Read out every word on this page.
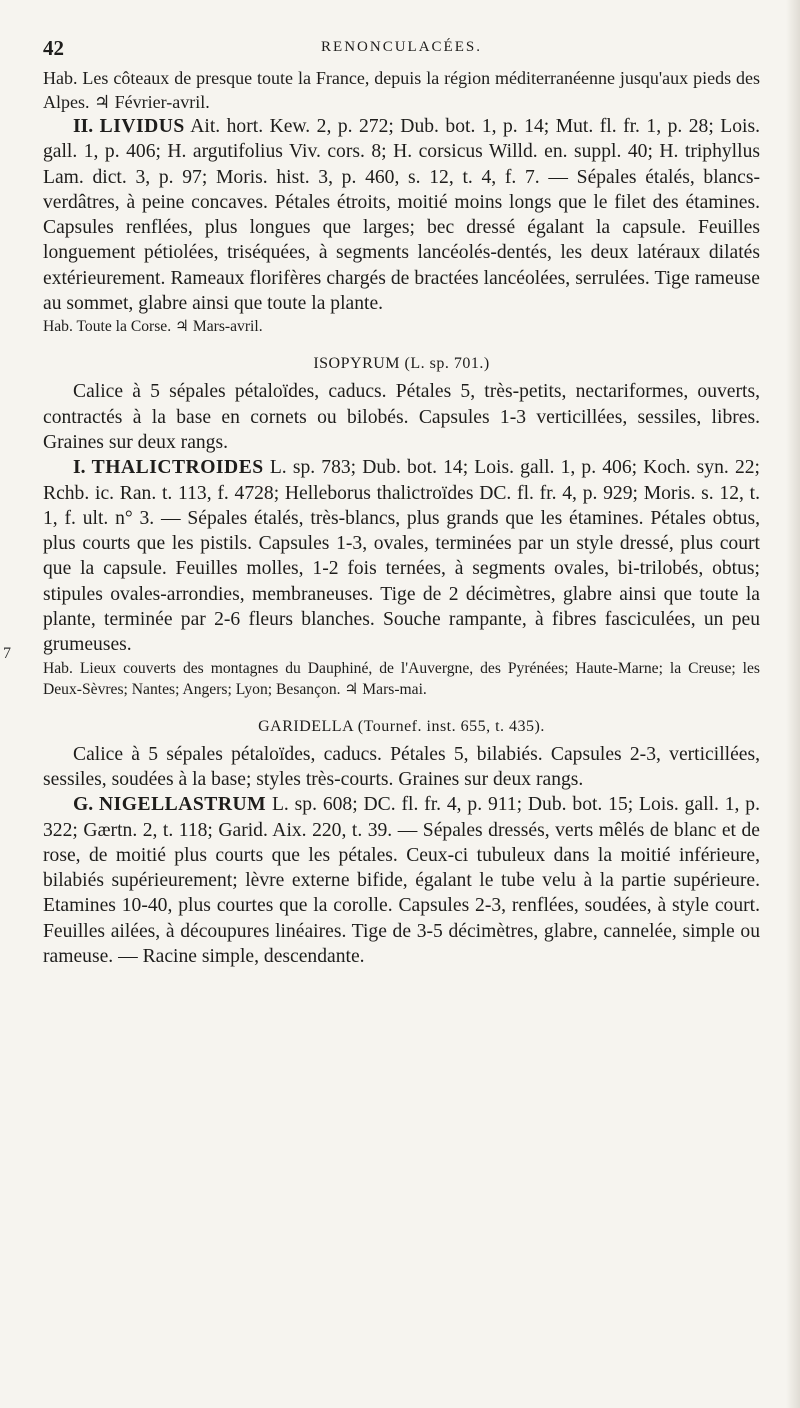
42	RENONCULACÉES.
7

Hab. Les côteaux de presque toute la France, depuis la région méditerranéenne jusqu'aux pieds des Alpes. ♃ Février-avril.

II. LIVIDUS Ait. hort. Kew. 2, p. 272; Dub. bot. 1, p. 14; Mut. fl. fr. 1, p. 28; Lois. gall. 1, p. 406; H. argutifolius Viv. cors. 8; H. corsicus Willd. en. suppl. 40; H. triphyllus Lam. dict. 3, p. 97; Moris. hist. 3, p. 460, s. 12, t. 4, f. 7. — Sépales étalés, blancs-verdâtres, à peine concaves. Pétales étroits, moitié moins longs que le filet des étamines. Capsules renflées, plus longues que larges; bec dressé égalant la capsule. Feuilles longuement pétiolées, triséquées, à segments lancéolés-dentés, les deux latéraux dilatés extérieurement. Rameaux florifères chargés de bractées lancéolées, serrulées. Tige rameuse au sommet, glabre ainsi que toute la plante.

Hab. Toute la Corse. ♃ Mars-avril.

ISOPYRUM (L. sp. 701.)

Calice à 5 sépales pétaloïdes, caducs. Pétales 5, très-petits, nectariformes, ouverts, contractés à la base en cornets ou bilobés. Capsules 1-3 verticillées, sessiles, libres. Graines sur deux rangs.

I. THALICTROIDES L. sp. 783; Dub. bot. 14; Lois. gall. 1, p. 406; Koch. syn. 22; Rchb. ic. Ran. t. 113, f. 4728; Helleborus thalictroïdes DC. fl. fr. 4, p. 929; Moris. s. 12, t. 1, f. ult. n° 3. — Sépales étalés, très-blancs, plus grands que les étamines. Pétales obtus, plus courts que les pistils. Capsules 1-3, ovales, terminées par un style dressé, plus court que la capsule. Feuilles molles, 1-2 fois ternées, à segments ovales, bi-trilobés, obtus; stipules ovales-arrondies, membraneuses. Tige de 2 décimètres, glabre ainsi que toute la plante, terminée par 2-6 fleurs blanches. Souche rampante, à fibres fasciculées, un peu grumeuses.

Hab. Lieux couverts des montagnes du Dauphiné, de l'Auvergne, des Pyrénées; Haute-Marne; la Creuse; les Deux-Sèvres; Nantes; Angers; Lyon; Besançon. ♃ Mars-mai.

GARIDELLA (Tournef. inst. 655, t. 435).

Calice à 5 sépales pétaloïdes, caducs. Pétales 5, bilabiés. Capsules 2-3, verticillées, sessiles, soudées à la base; styles très-courts. Graines sur deux rangs.

G. NIGELLASTRUM L. sp. 608; DC. fl. fr. 4, p. 911; Dub. bot. 15; Lois. gall. 1, p. 322; Gærtn. 2, t. 118; Garid. Aix. 220, t. 39. — Sépales dressés, verts mêlés de blanc et de rose, de moitié plus courts que les pétales. Ceux-ci tubuleux dans la moitié inférieure, bilabiés supérieurement; lèvre externe bifide, égalant le tube velu à la partie supérieure. Etamines 10-40, plus courtes que la corolle. Capsules 2-3, renflées, soudées, à style court. Feuilles ailées, à découpures linéaires. Tige de 3-5 décimètres, glabre, cannelée, simple ou rameuse. — Racine simple, descendante.
